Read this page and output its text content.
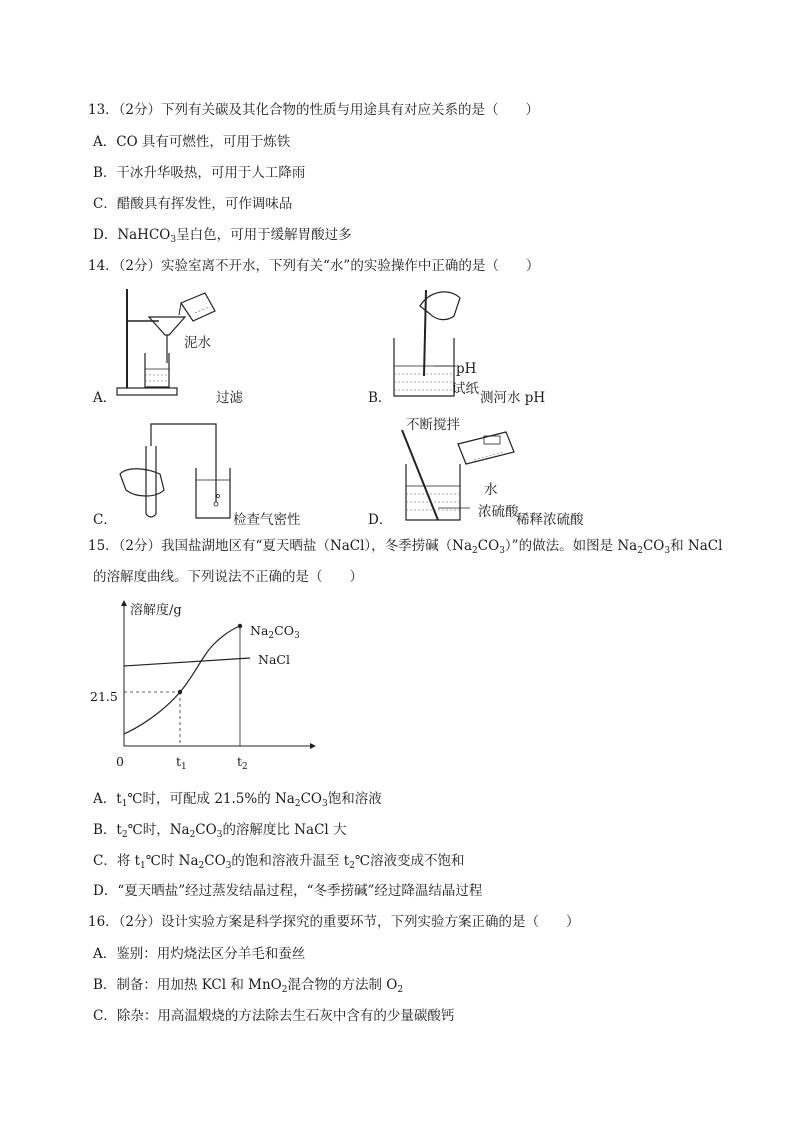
13．（2分）下列有关碳及其化合物的性质与用途具有对应关系的是（　　）
A．CO 具有可燃性，可用于炼铁
B．干冰升华吸热，可用于人工降雨
C．醋酸具有挥发性，可作调味品
D．NaHCO$_3$呈白色，可用于缓解胃酸过多
14．（2分）实验室离不开水，下列有关“水”的实验操作中正确的是（　　）
A．
泥水
过滤	B．
pH
试纸
测河水 pH
C．	检查气密性	D．
不断搅拌
水
浓硫酸
稀释浓硫酸
15．（2分）我国盐湖地区有“夏天晒盐（NaCl），冬季捞碱$(Na_2CO_3)$”的做法。如图是 $Na_2CO_3$和 NaCl
的溶解度曲线。下列说法不正确的是（　　）
溶解度/g
21.5
0	$t_1$	$t_2$
$Na_2CO_3$
NaCl
A．$t_1℃$时，可配成 21.5%的 $Na_2CO_3$饱和溶液
B．$t_2℃$时，$Na_2CO_3$的溶解度比 NaCl 大
C．将 $t_1℃$时 $Na_2CO_3$的饱和溶液升温至 $t_2℃$溶液变成不饱和
D．“夏天晒盐”经过蒸发结晶过程，“冬季捞碱”经过降温结晶过程
16．（2分）设计实验方案是科学探究的重要环节，下列实验方案正确的是（　　）
A．鉴别：用灼烧法区分羊毛和蚕丝
B．制备：用加热 KCl 和 MnO$_2$混合物的方法制 $O_2$
C．除杂：用高温煅烧的方法除去生石灰中含有的少量碳酸钙
